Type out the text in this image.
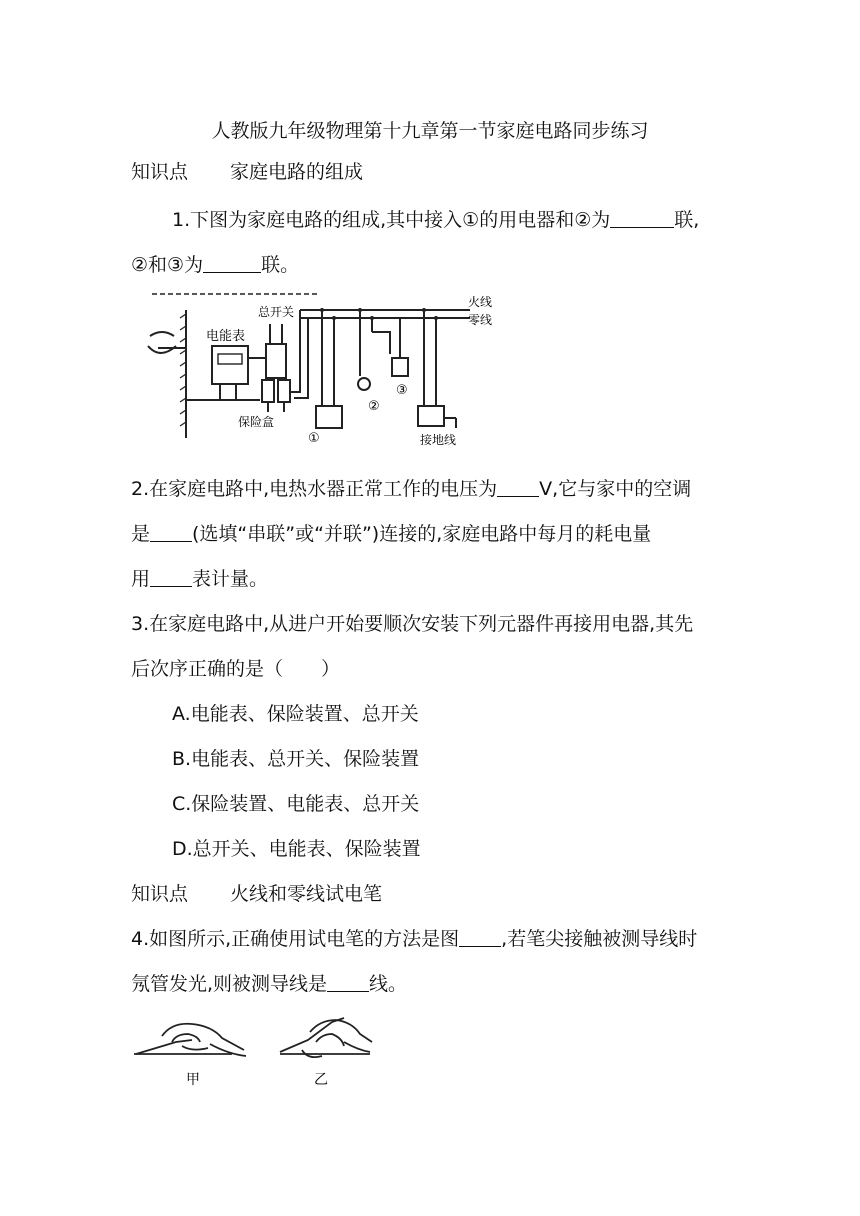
人教版九年级物理第十九章第一节家庭电路同步练习
知识点 家庭电路的组成
1.下图为家庭电路的组成,其中接入①的用电器和②为	联,
②和③为	联。
火线
零线
总开关
电能表
保险盒
接地线
①
②
③
2.在家庭电路中,电热水器正常工作的电压为 V,它与家中的空调
是 (选填“串联”或“并联”)连接的,家庭电路中每月的耗电量
用 表计量。
3.在家庭电路中,从进户开始要顺次安装下列元器件再接用电器,其先
后次序正确的是（　　）
A.电能表、保险装置、总开关
B.电能表、总开关、保险装置
C.保险装置、电能表、总开关
D.总开关、电能表、保险装置
知识点 火线和零线试电笔
4.如图所示,正确使用试电笔的方法是图 ,若笔尖接触被测导线时
氖管发光,则被测导线是 线。
甲	乙
